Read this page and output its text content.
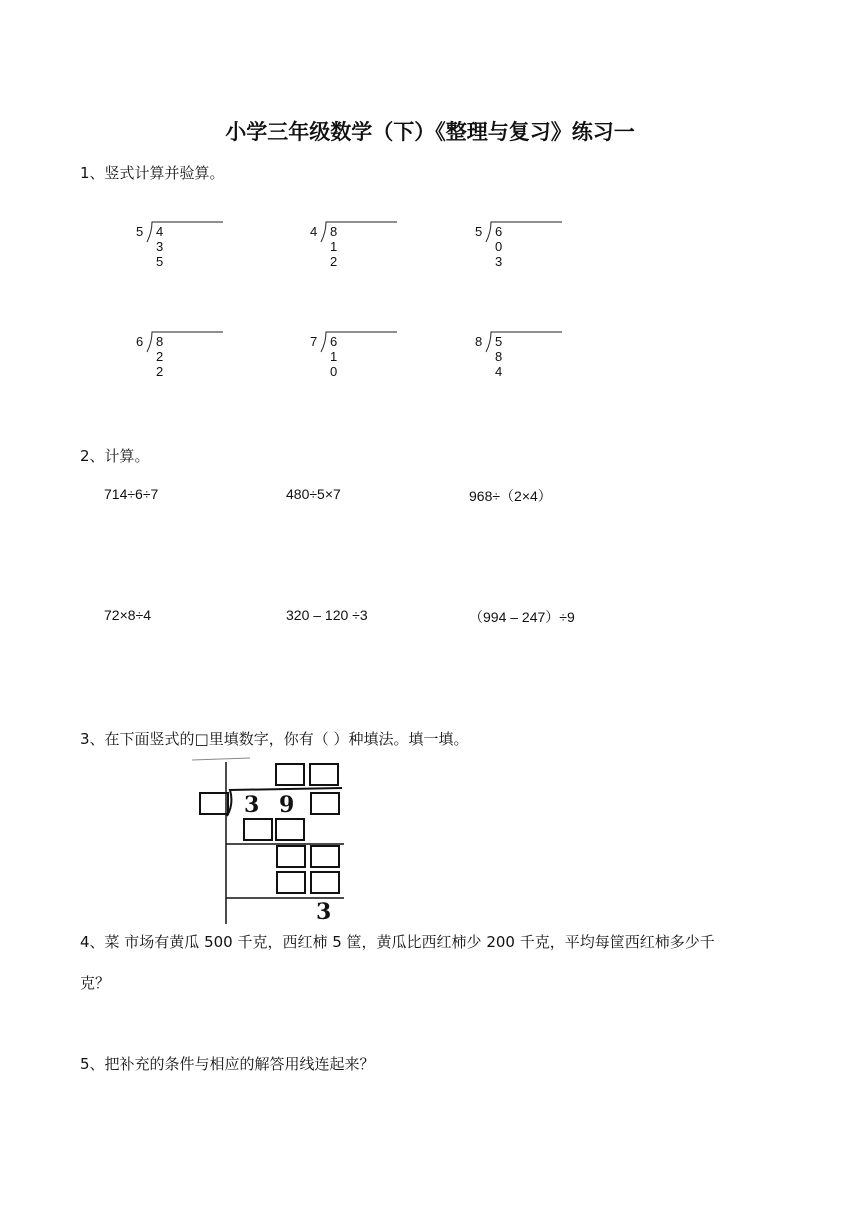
小学三年级数学（下）《整理与复习》练习一
1、竖式计算并验算。
5 4 3 5
4 8 1 2
5 6 0 3
6 8 2 2
7 6 1 0
8 5 8 4
2、计算。
714÷6÷7	480÷5×7	968÷（2×4）
72×8÷4	320 – 120 ÷3	（994 – 247）÷9
3、在下面竖式的□里填数字，你有（ ）种填法。填一填。
3 9
3
4、菜 市场有黄瓜 500 千克，西红柿 5 筐，黄瓜比西红柿少 200 千克，平均每筐西红柿多少千
克？
5、把补充的条件与相应的解答用线连起来？
